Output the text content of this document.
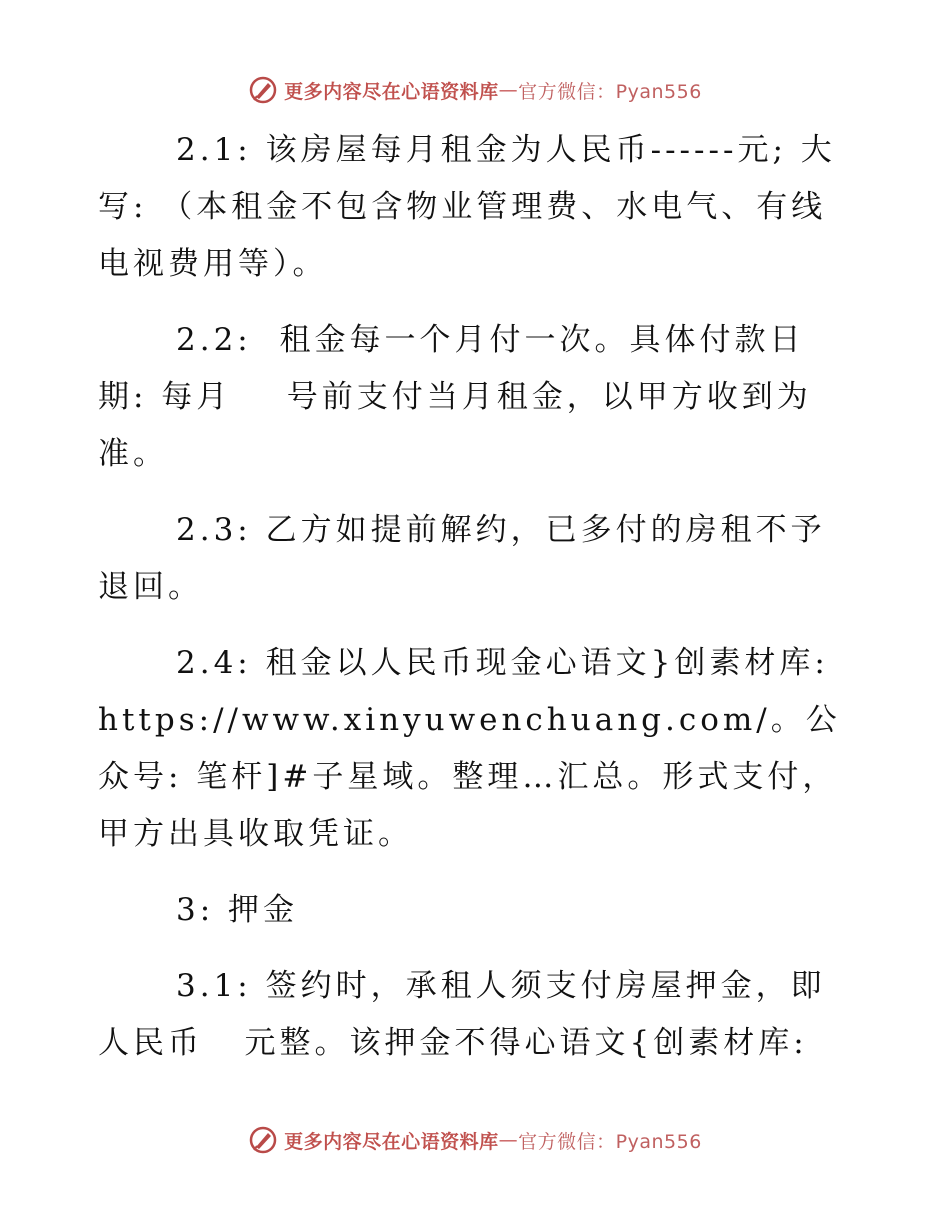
更多内容尽在心语资料库 — 官方微信：Pyan556

2.1: 该房屋每月租金为人民币------元; 大写: （本租金不包含物业管理费、水电气、有线电视费用等）。

2.2:  租金每一个月付一次。具体付款日期: 每月    号前支付当月租金，以甲方收到为准。

2.3: 乙方如提前解约，已多付的房租不予退回。

2.4: 租金以人民币现金心语文}创素材库: https://www.xinyuwenchuang.com/。公众号: 笔杆]#子星域。整理…汇总。形式支付，甲方出具收取凭证。

3: 押金

3.1: 签约时，承租人须支付房屋押金，即人民币   元整。该押金不得心语文{创素材库:

更多内容尽在心语资料库 — 官方微信：Pyan556
